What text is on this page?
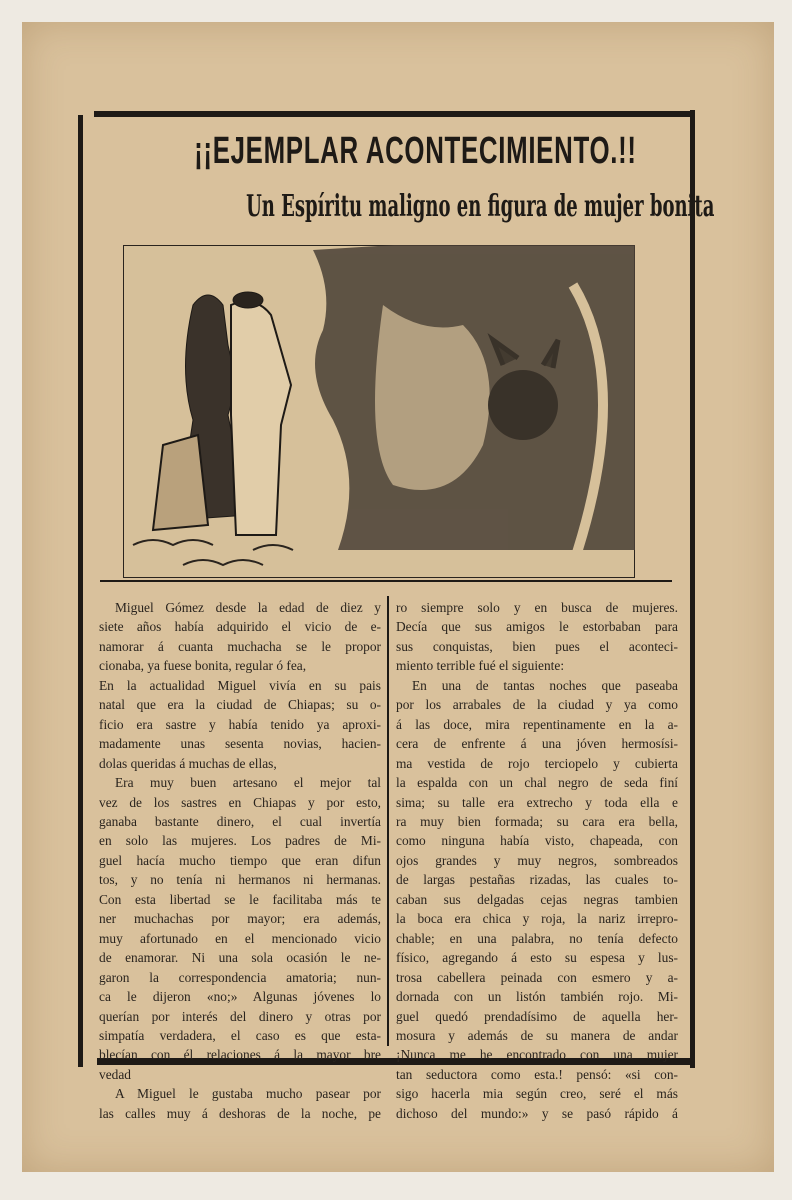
¡¡EJEMPLAR ACONTECIMIENTO.!!
Un Espíritu maligno en figura de mujer bonita
Miguel Gómez desde la edad de diez y
siete años había adquirido el vicio de e-
namorar á cuanta muchacha se le propor
cionaba, ya fuese bonita, regular ó fea,
En la actualidad Miguel vivía en su pais
natal que era la ciudad de Chiapas; su o-
ficio era sastre y había tenido ya aproxi-
madamente unas sesenta novias, hacien-
dolas queridas á muchas de ellas,
Era muy buen artesano el mejor tal
vez de los sastres en Chiapas y por esto,
ganaba bastante dinero, el cual invertía
en solo las mujeres. Los padres de Mi-
guel hacía mucho tiempo que eran difun
tos, y no tenía ni hermanos ni hermanas.
Con esta libertad se le facilitaba más te
ner muchachas por mayor; era además,
muy afortunado en el mencionado vicio
de enamorar. Ni una sola ocasión le ne-
garon la correspondencia amatoria; nun-
ca le dijeron «no;» Algunas jóvenes lo
querían por interés del dinero y otras por
simpatía verdadera, el caso es que esta-
blecían con él relaciones á la mayor bre
vedad
A Miguel le gustaba mucho pasear por
las calles muy á deshoras de la noche, pe
ro siempre solo y en busca de mujeres.
Decía que sus amigos le estorbaban para
sus conquistas, bien pues el aconteci-
miento terrible fué el siguiente:
En una de tantas noches que paseaba
por los arrabales de la ciudad y ya como
á las doce, mira repentinamente en la a-
cera de enfrente á una jóven hermosísi-
ma vestida de rojo terciopelo y cubierta
la espalda con un chal negro de seda finí
sima; su talle era extrecho y toda ella e
ra muy bien formada; su cara era bella,
como ninguna había visto, chapeada, con
ojos grandes y muy negros, sombreados
de largas pestañas rizadas, las cuales to-
caban sus delgadas cejas negras tambien
la boca era chica y roja, la nariz irrepro-
chable; en una palabra, no tenía defecto
físico, agregando á esto su espesa y lus-
trosa cabellera peinada con esmero y a-
dornada con un listón también rojo. Mi-
guel quedó prendadísimo de aquella her-
mosura y además de su manera de andar
¡Nunca me he encontrado con una mujer
tan seductora como esta.! pensó: «si con-
sigo hacerla mia según creo, seré el más
dichoso del mundo:» y se pasó rápido á
